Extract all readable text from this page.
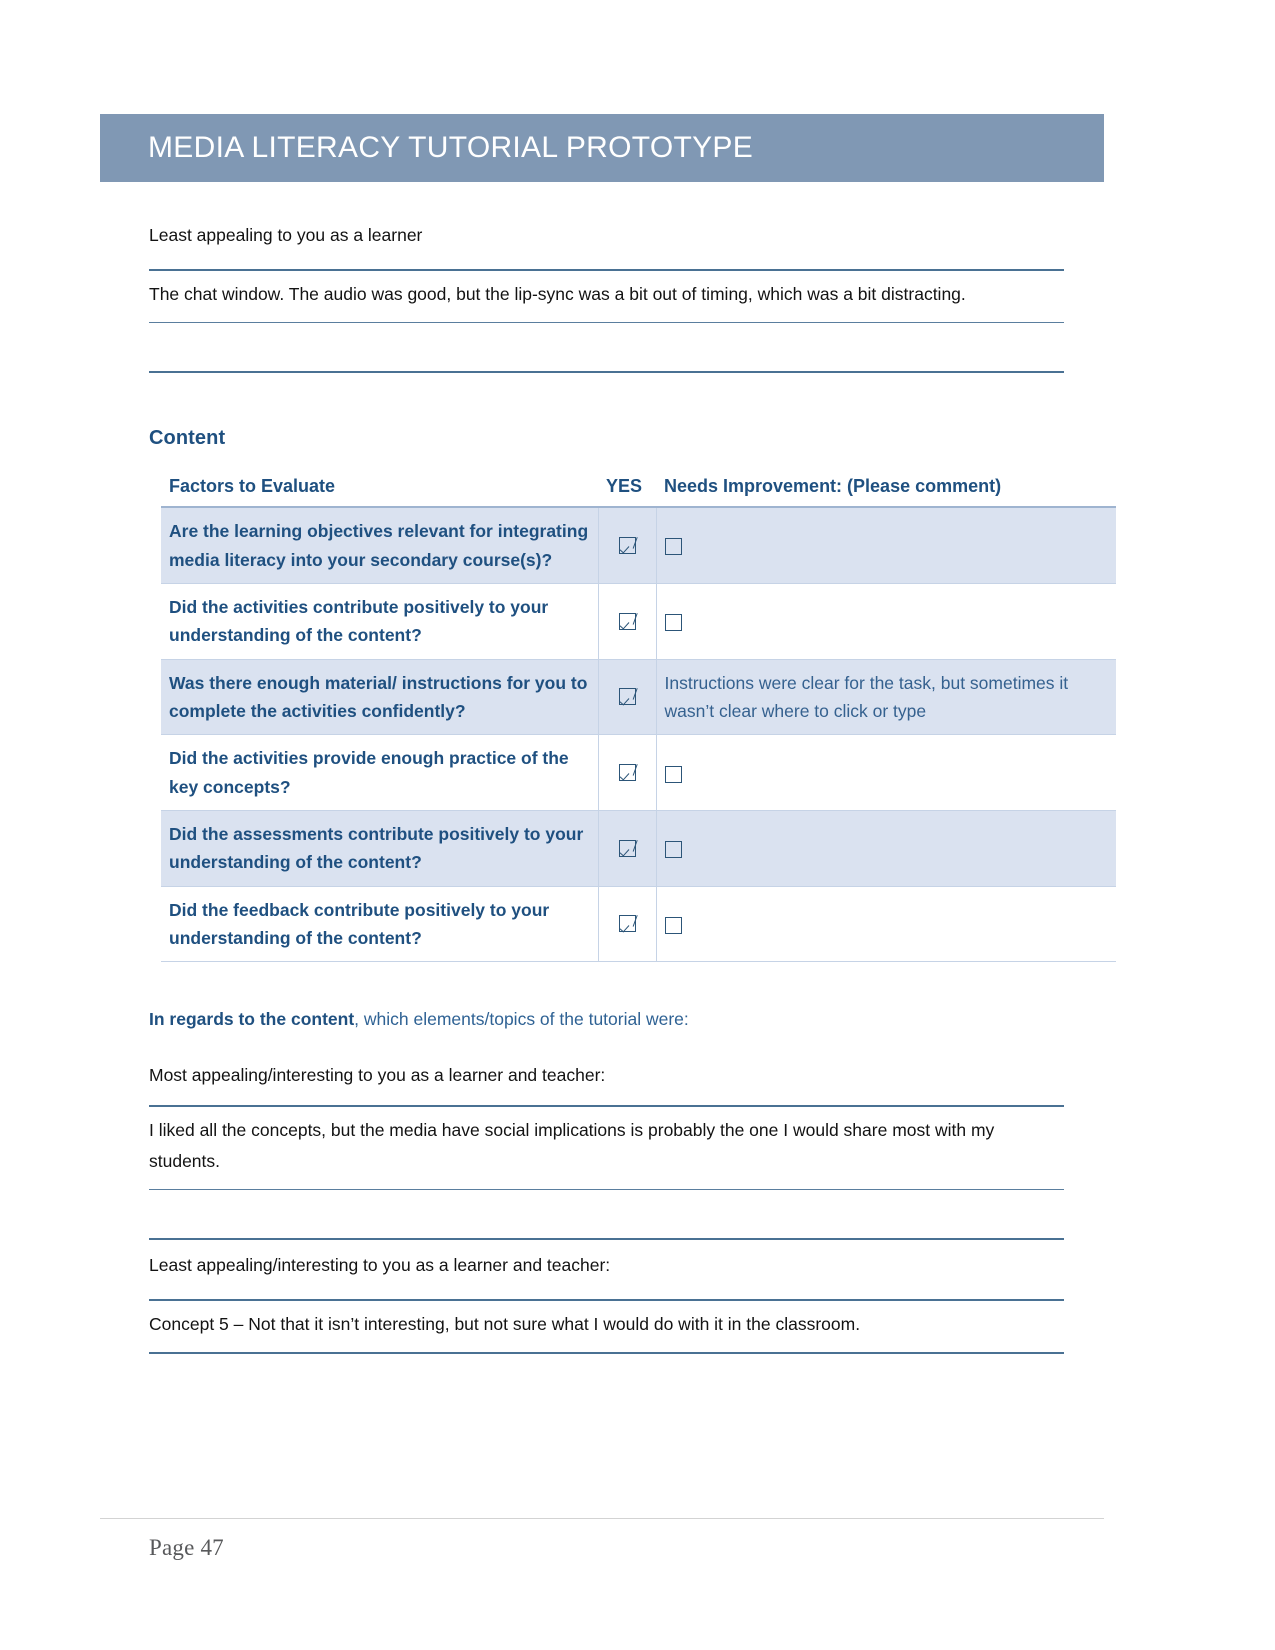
MEDIA LITERACY TUTORIAL PROTOTYPE

Least appealing to you as a learner

The chat window. The audio was good, but the lip-sync was a bit out of timing, which was a bit distracting.

Content

Factors to Evaluate	YES	Needs Improvement: (Please comment)
Are the learning objectives relevant for integrating media literacy into your secondary course(s)?		
Did the activities contribute positively to your understanding of the content?		
Was there enough material/ instructions for you to complete the activities confidently?		Instructions were clear for the task, but sometimes it wasn’t clear where to click or type
Did the activities provide enough practice of the key concepts?		
Did the assessments contribute positively to your understanding of the content?		
Did the feedback contribute positively to your understanding of the content?		

In regards to the content, which elements/topics of the tutorial were:

Most appealing/interesting to you as a learner and teacher:

I liked all the concepts, but the media have social implications is probably the one I would share most with my students.

Least appealing/interesting to you as a learner and teacher:

Concept 5 – Not that it isn’t interesting, but not sure what I would do with it in the classroom.

Page 47
